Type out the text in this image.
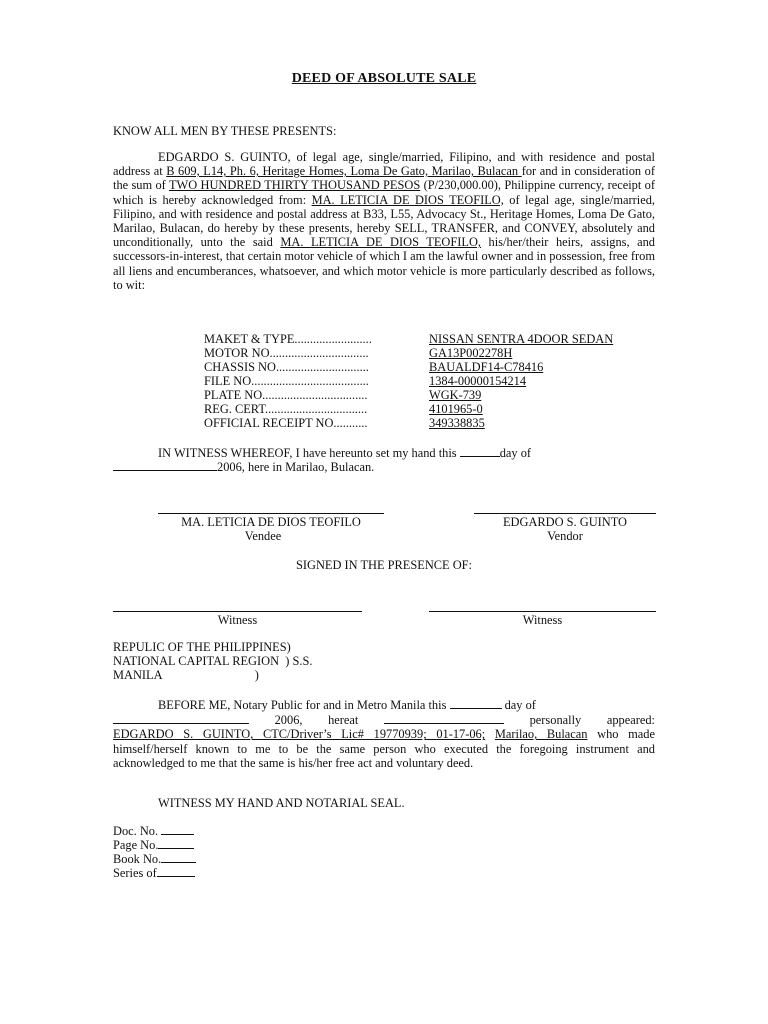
DEED OF ABSOLUTE SALE
KNOW ALL MEN BY THESE PRESENTS:
EDGARDO S. GUINTO, of legal age, single/married, Filipino, and with residence and postal address at B 609, L14, Ph. 6, Heritage Homes, Loma De Gato, Marilao, Bulacan for and in consideration of the sum of TWO HUNDRED THIRTY THOUSAND PESOS (P/230,000.00), Philippine currency, receipt of which is hereby acknowledged from: MA. LETICIA DE DIOS TEOFILO, of legal age, single/married, Filipino, and with residence and postal address at B33, L55, Advocacy St., Heritage Homes, Loma De Gato, Marilao, Bulacan, do hereby by these presents, hereby SELL, TRANSFER, and CONVEY, absolutely and unconditionally, unto the said MA. LETICIA DE DIOS TEOFILO, his/her/their heirs, assigns, and successors-in-interest, that certain motor vehicle of which I am the lawful owner and in possession, free from all liens and encumberances, whatsoever, and which motor vehicle is more particularly described as follows, to wit:
MAKET & TYPE.........................	NISSAN SENTRA 4DOOR SEDAN
MOTOR NO................................	GA13P002278H
CHASSIS NO..............................	BAUALDF14-C78416
FILE NO......................................	1384-00000154214
PLATE NO..................................	WGK-739
REG. CERT.................................	4101965-0
OFFICIAL RECEIPT NO...........	349338835
IN WITNESS WHEREOF, I have hereunto set my hand this	day of
2006, here in Marilao, Bulacan.
MA. LETICIA DE DIOS TEOFILO
Vendee
EDGARDO S. GUINTO
Vendor
SIGNED IN THE PRESENCE OF:
Witness	Witness
REPULIC OF THE PHILIPPINES)
NATIONAL CAPITAL REGION  ) S.S.
MANILA                              )
BEFORE ME, Notary Public for and in Metro Manila this	day of
2006, hereat	personally appeared:
EDGARDO S. GUINTO, CTC/Driver’s Lic# 19770939; 01-17-06; Marilao, Bulacan who made himself/herself known to me to be the same person who executed the foregoing instrument and acknowledged to me that the same is his/her free act and voluntary deed.
WITNESS MY HAND AND NOTARIAL SEAL.
Doc. No.
Page No.
Book No.
Series of
